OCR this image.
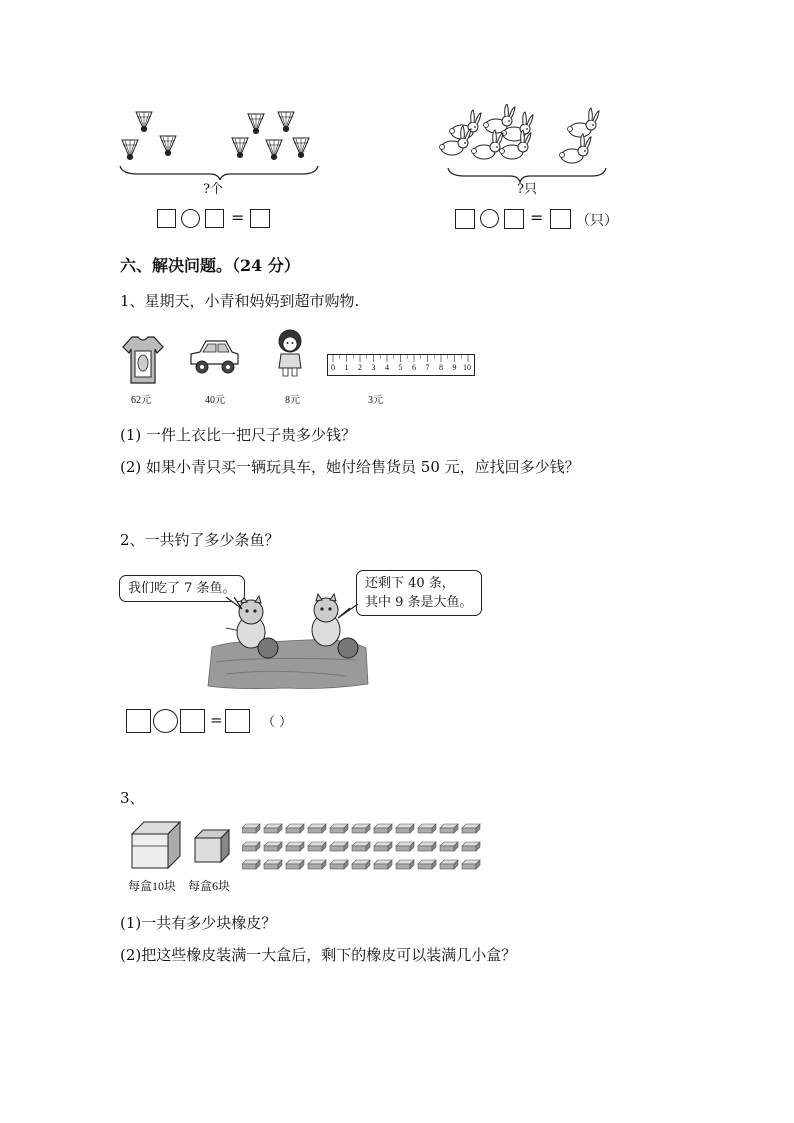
?个
=
?只
= （只）
六、解决问题。（24 分）
1、星期天，小青和妈妈到超市购物.
62元	40元	8元
0 1 2 3 4 5 6 7 8 9 10
3元
(1) 一件上衣比一把尺子贵多少钱？
(2) 如果小青只买一辆玩具车，她付给售货员 50 元，应找回多少钱？
2、一共钓了多少条鱼？
我们吃了 7 条鱼。	还剩下 40 条，
其中 9 条是大鱼。
=	（ ）
3、
每盒10块 每盒6块
(1)一共有多少块橡皮？
(2)把这些橡皮装满一大盒后，剩下的橡皮可以装满几小盒？
